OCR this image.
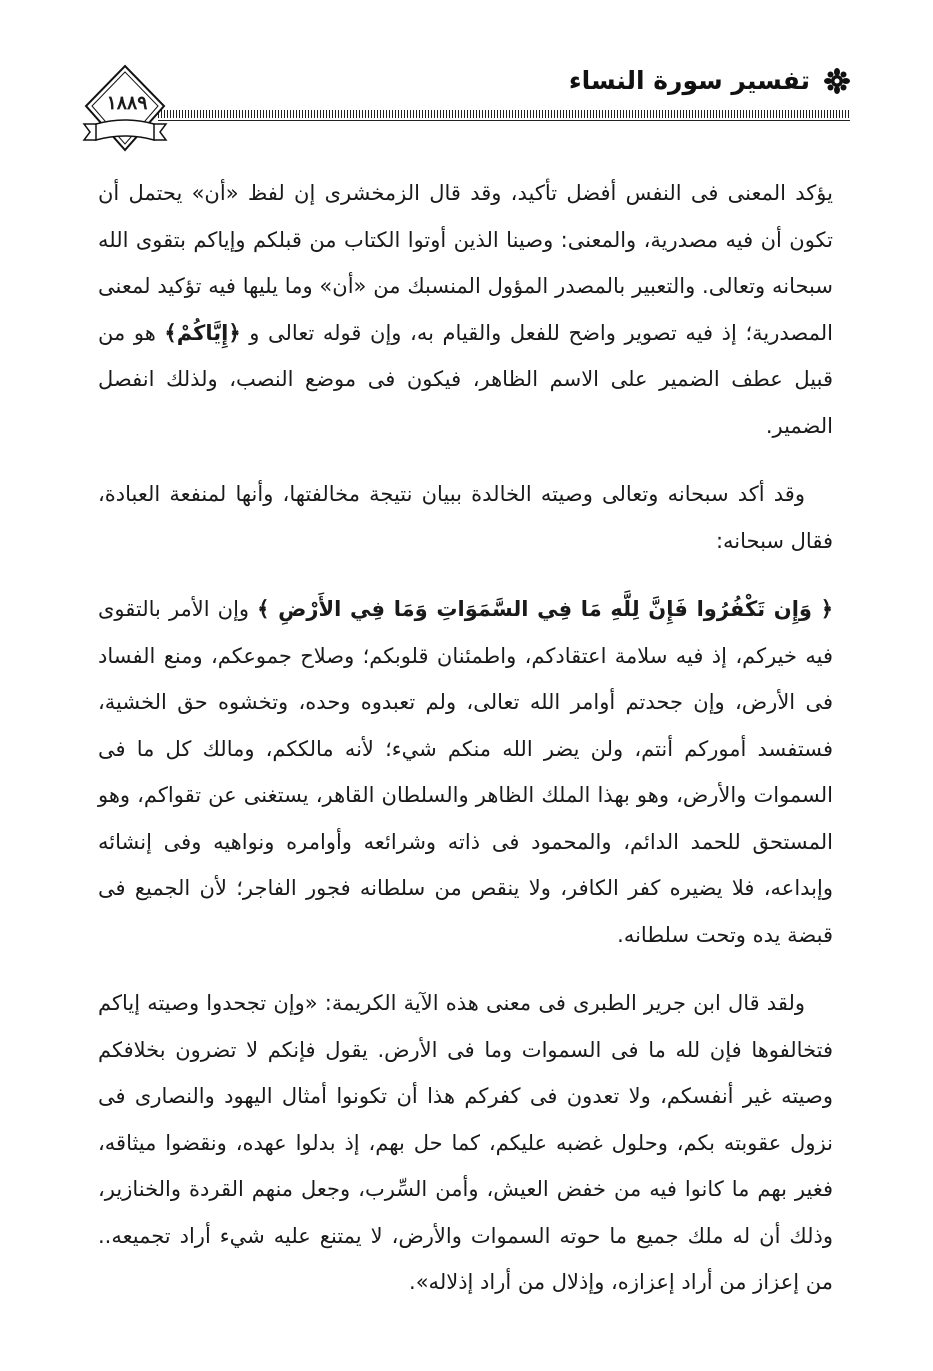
تفسير سورة النساء
١٨٨٩

يؤكد المعنى فى النفس أفضل تأكيد، وقد قال الزمخشرى إن لفظ «أن» يحتمل أن تكون أن فيه مصدرية، والمعنى: وصينا الذين أوتوا الكتاب من قبلكم وإياكم بتقوى الله سبحانه وتعالى. والتعبير بالمصدر المؤول المنسبك من «أن» وما يليها فيه تؤكيد لمعنى المصدرية؛ إذ فيه تصوير واضح للفعل والقيام به، وإن قوله تعالى و ﴿إِيَّاكُمْ﴾ هو من قبيل عطف الضمير على الاسم الظاهر، فيكون فى موضع النصب، ولذلك انفصل الضمير.

وقد أكد سبحانه وتعالى وصيته الخالدة ببيان نتيجة مخالفتها، وأنها لمنفعة العبادة، فقال سبحانه:

﴿ وَإِن تَكْفُرُوا فَإِنَّ لِلَّهِ مَا فِي السَّمَوَاتِ وَمَا فِي الأَرْضِ ﴾ وإن الأمر بالتقوى فيه خيركم، إذ فيه سلامة اعتقادكم، واطمئنان قلوبكم؛ وصلاح جموعكم، ومنع الفساد فى الأرض، وإن جحدتم أوامر الله تعالى، ولم تعبدوه وحده، وتخشوه حق الخشية، فستفسد أموركم أنتم، ولن يضر الله منكم شيء؛ لأنه مالككم، ومالك كل ما فى السموات والأرض، وهو بهذا الملك الظاهر والسلطان القاهر، يستغنى عن تقواكم، وهو المستحق للحمد الدائم، والمحمود فى ذاته وشرائعه وأوامره ونواهيه وفى إنشائه وإبداعه، فلا يضيره كفر الكافر، ولا ينقص من سلطانه فجور الفاجر؛ لأن الجميع فى قبضة يده وتحت سلطانه.

ولقد قال ابن جرير الطبرى فى معنى هذه الآية الكريمة: «وإن تجحدوا وصيته إياكم فتخالفوها فإن لله ما فى السموات وما فى الأرض. يقول فإنكم لا تضرون بخلافكم وصيته غير أنفسكم، ولا تعدون فى كفركم هذا أن تكونوا أمثال اليهود والنصارى فى نزول عقوبته بكم، وحلول غضبه عليكم، كما حل بهم، إذ بدلوا عهده، ونقضوا ميثاقه، فغير بهم ما كانوا فيه من خفض العيش، وأمن السِّرب، وجعل منهم القردة والخنازير، وذلك أن له ملك جميع ما حوته السموات والأرض، لا يمتنع عليه شيء أراد تجميعه.. من إعزاز من أراد إعزازه، وإذلال من أراد إذلاله».
